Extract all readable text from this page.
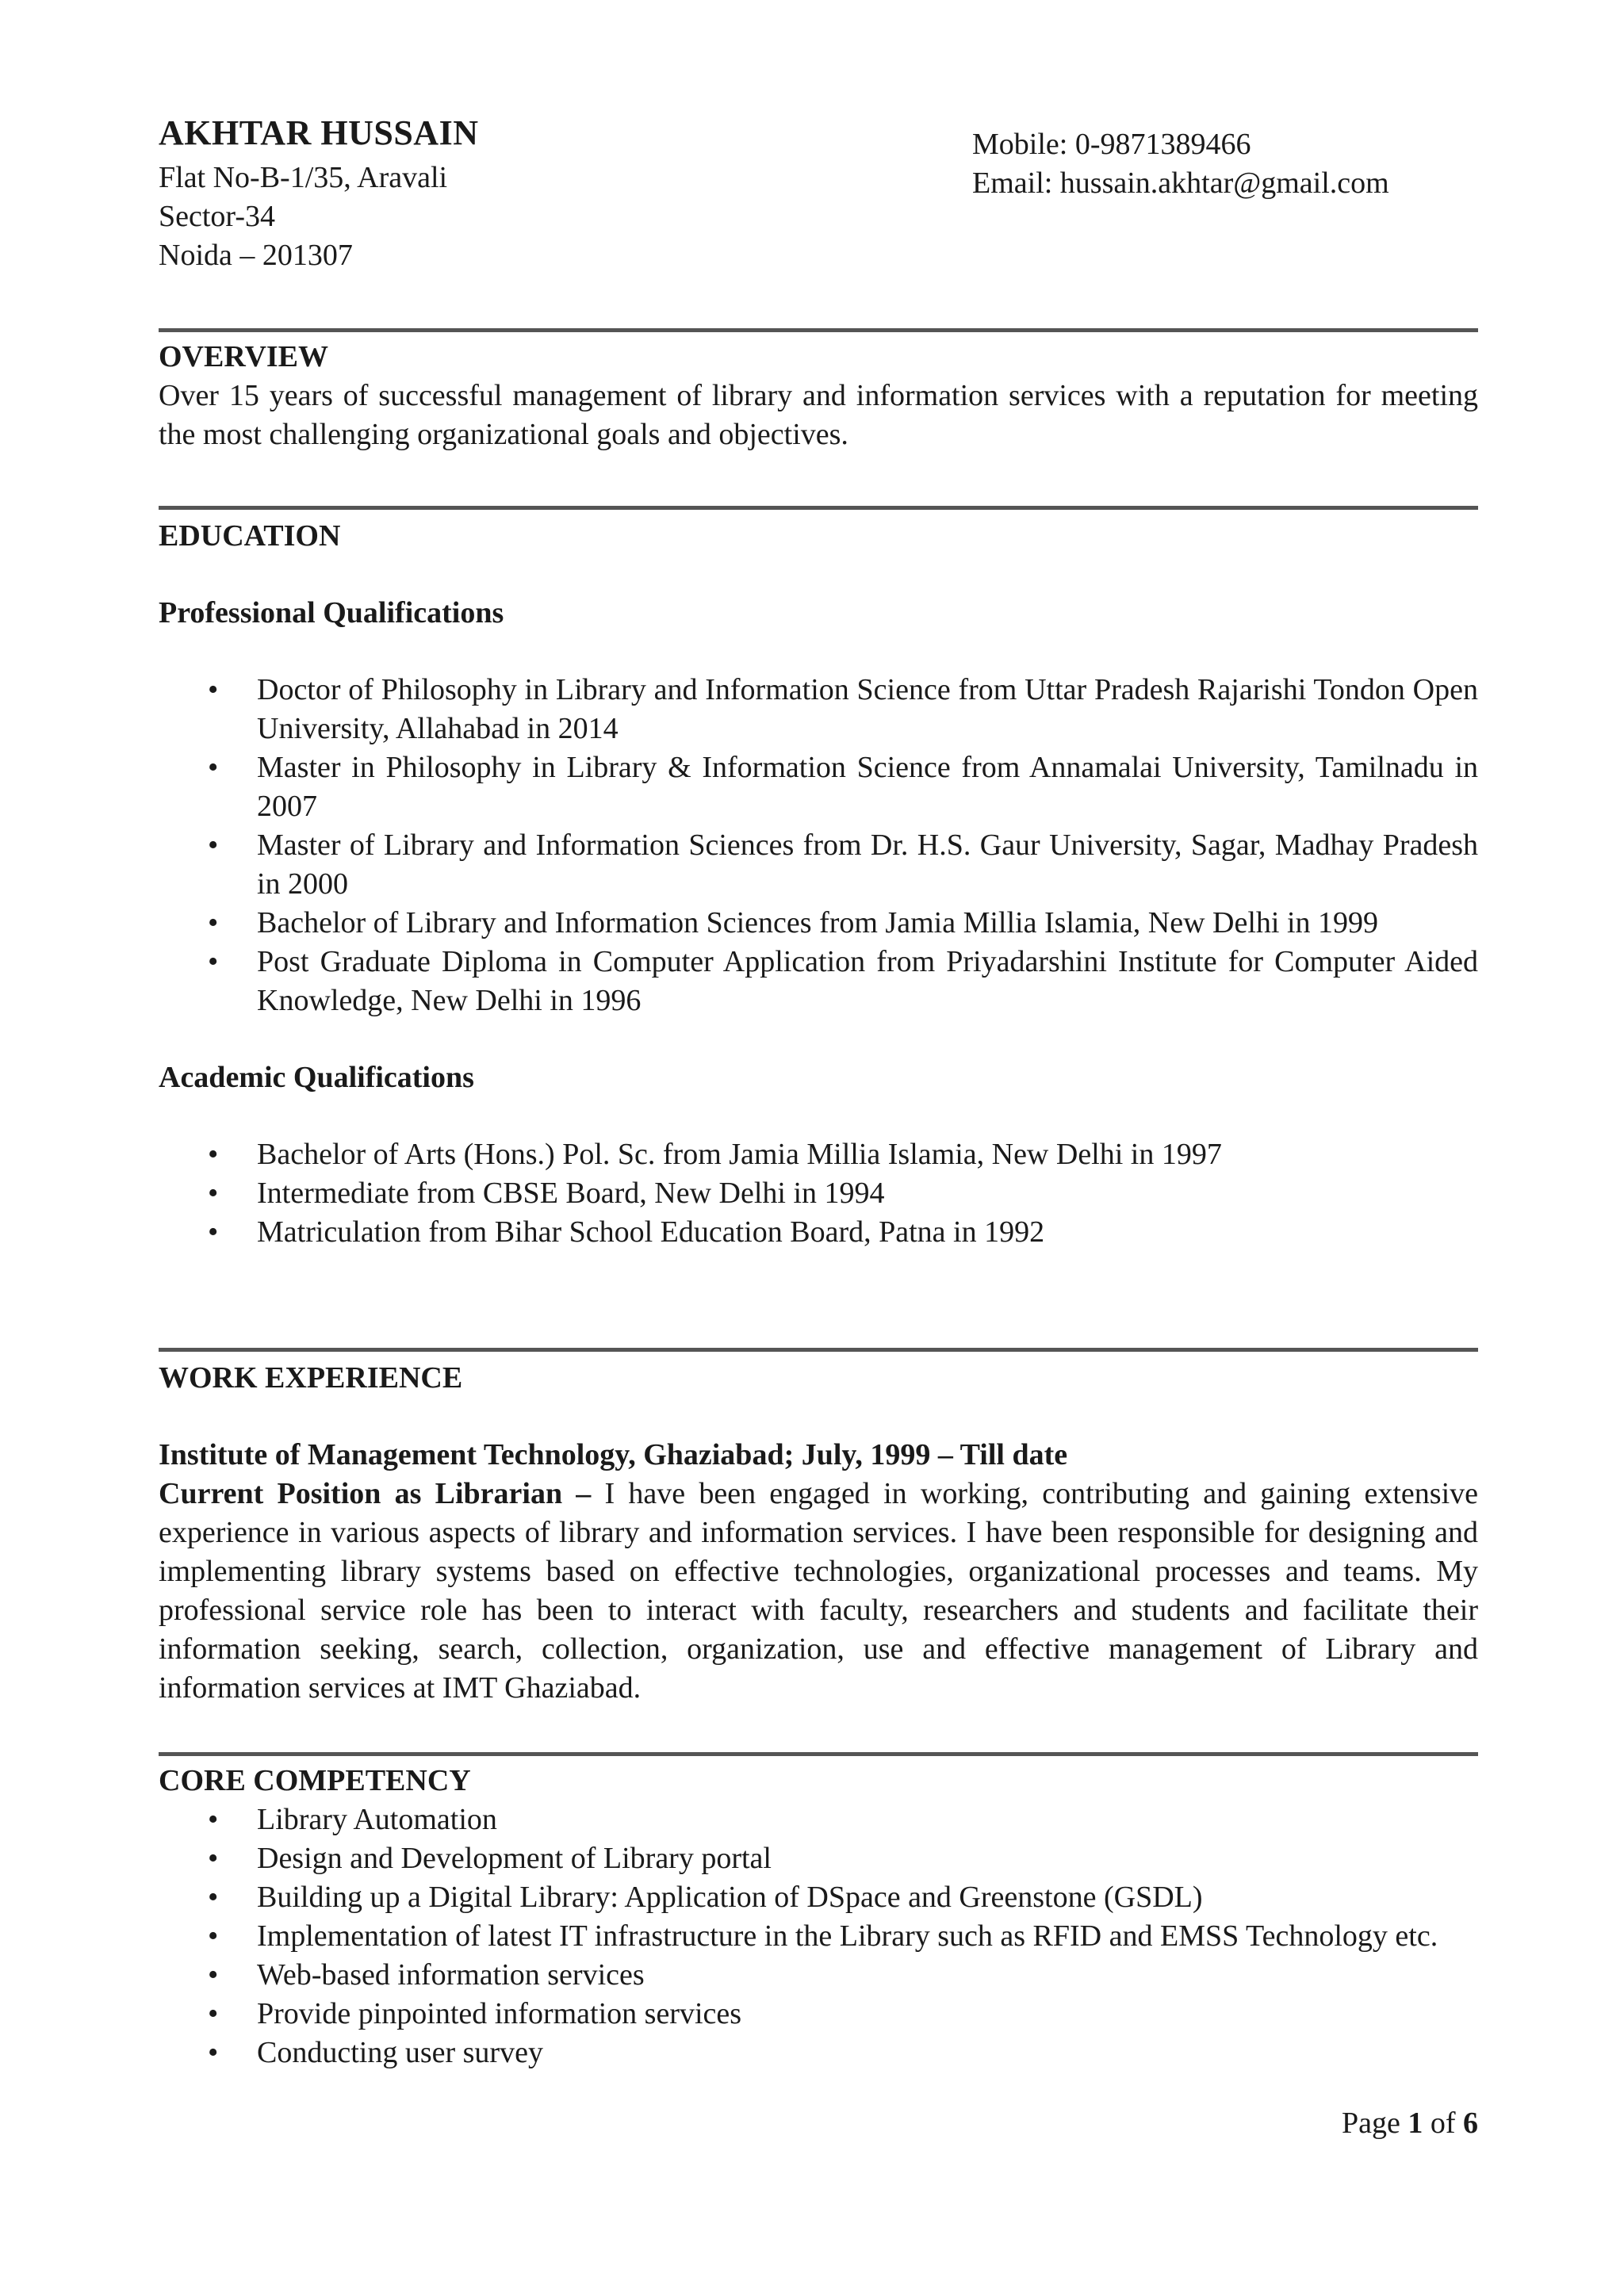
AKHTAR HUSSAIN
Flat No-B-1/35, Aravali
Sector-34
Noida – 201307
Mobile: 0-9871389466
Email: hussain.akhtar@gmail.com
OVERVIEW
Over 15 years of successful management of library and information services with a reputation for meeting the most challenging organizational goals and objectives.
EDUCATION
Professional Qualifications
• Doctor of Philosophy in Library and Information Science from Uttar Pradesh Rajarishi Tondon Open University, Allahabad in 2014
• Master in Philosophy in Library & Information Science from Annamalai University, Tamilnadu in 2007
• Master of Library and Information Sciences from Dr. H.S. Gaur University, Sagar, Madhay Pradesh in 2000
• Bachelor of Library and Information Sciences from Jamia Millia Islamia, New Delhi in 1999
• Post Graduate Diploma in Computer Application from Priyadarshini Institute for Computer Aided Knowledge, New Delhi in 1996
Academic Qualifications
• Bachelor of Arts (Hons.) Pol. Sc. from Jamia Millia Islamia, New Delhi in 1997
• Intermediate from CBSE Board, New Delhi in 1994
• Matriculation from Bihar School Education Board, Patna in 1992
WORK EXPERIENCE
Institute of Management Technology, Ghaziabad; July, 1999 – Till date
Current Position as Librarian – I have been engaged in working, contributing and gaining extensive experience in various aspects of library and information services. I have been responsible for designing and implementing library systems based on effective technologies, organizational processes and teams. My professional service role has been to interact with faculty, researchers and students and facilitate their information seeking, search, collection, organization, use and effective management of Library and information services at IMT Ghaziabad.
CORE COMPETENCY
• Library Automation
• Design and Development of Library portal
• Building up a Digital Library: Application of DSpace and Greenstone (GSDL)
• Implementation of latest IT infrastructure in the Library such as RFID and EMSS Technology etc.
• Web-based information services
• Provide pinpointed information services
• Conducting user survey
Page 1 of 6
